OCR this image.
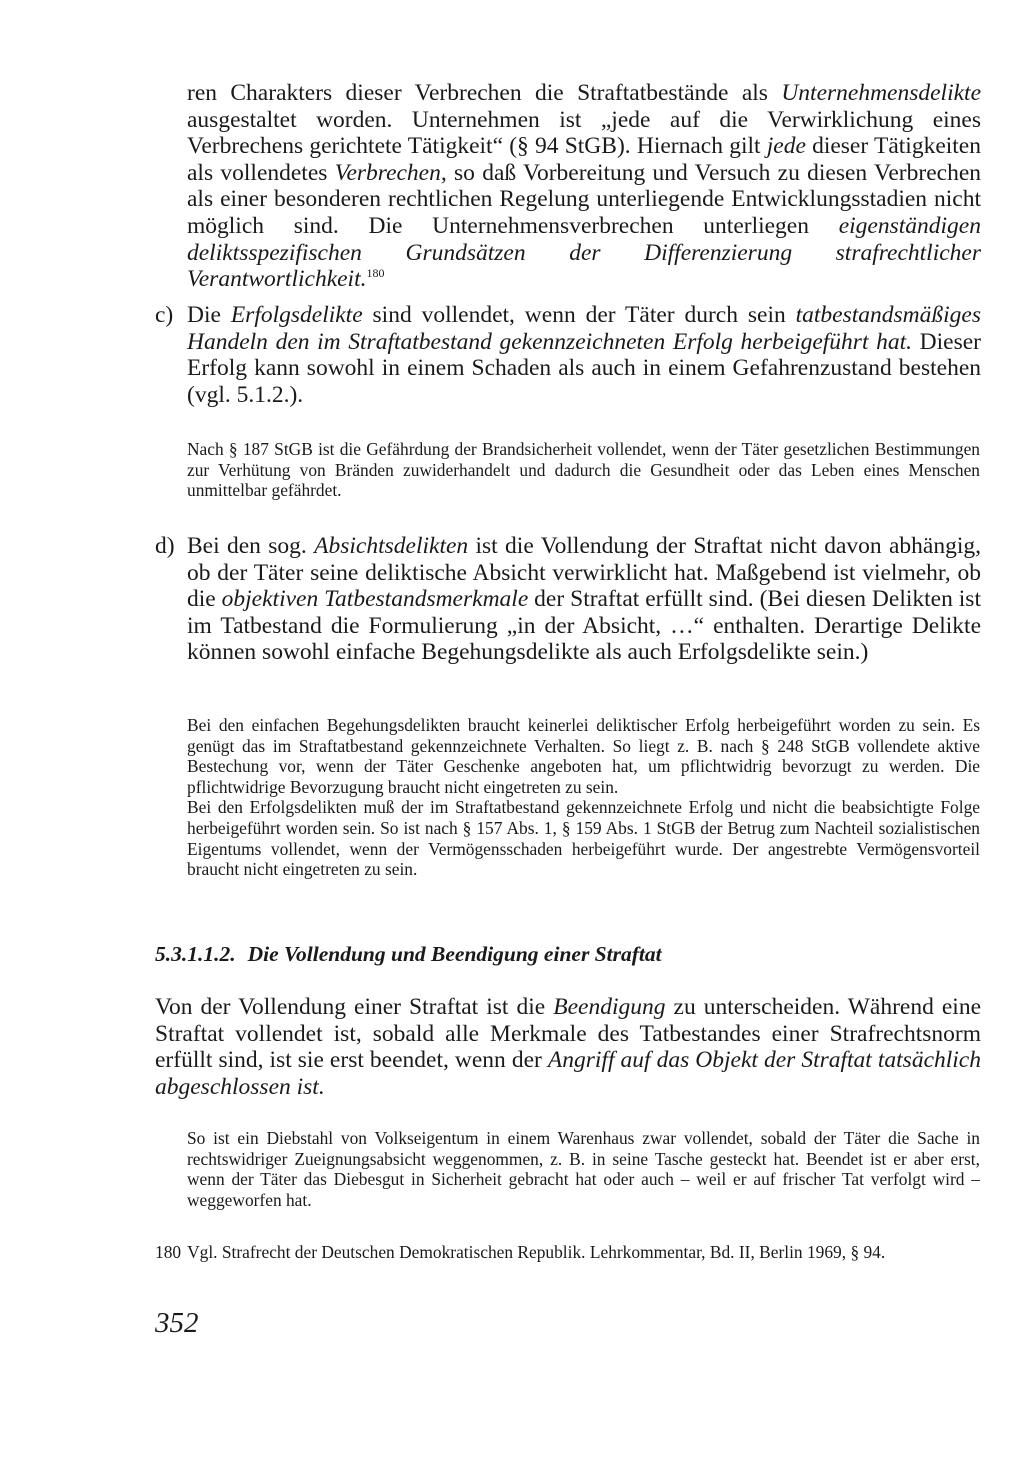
ren Charakters dieser Verbrechen die Straftatbestände als Unternehmensdelikte ausgestaltet worden. Unternehmen ist „jede auf die Verwirklichung eines Verbrechens gerichtete Tätigkeit“ (§ 94 StGB). Hiernach gilt jede dieser Tätigkeiten als vollendetes Verbrechen, so daß Vorbereitung und Versuch zu diesen Verbrechen als einer besonderen rechtlichen Regelung unterliegende Entwicklungsstadien nicht möglich sind. Die Unternehmensverbrechen unterliegen eigenständigen deliktsspezifischen Grundsätzen der Differenzierung strafrechtlicher Verantwortlichkeit.$^{180}$

c) Die Erfolgsdelikte sind vollendet, wenn der Täter durch sein tatbestandsmäßiges Handeln den im Straftatbestand gekennzeichneten Erfolg herbeigeführt hat. Dieser Erfolg kann sowohl in einem Schaden als auch in einem Gefahrenzustand bestehen (vgl. 5.1.2.).

Nach § 187 StGB ist die Gefährdung der Brandsicherheit vollendet, wenn der Täter gesetzlichen Bestimmungen zur Verhütung von Bränden zuwiderhandelt und dadurch die Gesundheit oder das Leben eines Menschen unmittelbar gefährdet.

d) Bei den sog. Absichtsdelikten ist die Vollendung der Straftat nicht davon abhängig, ob der Täter seine deliktische Absicht verwirklicht hat. Maßgebend ist vielmehr, ob die objektiven Tatbestandsmerkmale der Straftat erfüllt sind. (Bei diesen Delikten ist im Tatbestand die Formulierung „in der Absicht, …“ enthalten. Derartige Delikte können sowohl einfache Begehungsdelikte als auch Erfolgsdelikte sein.)

Bei den einfachen Begehungsdelikten braucht keinerlei deliktischer Erfolg herbeigeführt worden zu sein. Es genügt das im Straftatbestand gekennzeichnete Verhalten. So liegt z. B. nach § 248 StGB vollendete aktive Bestechung vor, wenn der Täter Geschenke angeboten hat, um pflichtwidrig bevorzugt zu werden. Die pflichtwidrige Bevorzugung braucht nicht eingetreten zu sein.

Bei den Erfolgsdelikten muß der im Straftatbestand gekennzeichnete Erfolg und nicht die beabsichtigte Folge herbeigeführt worden sein. So ist nach § 157 Abs. 1, § 159 Abs. 1 StGB der Betrug zum Nachteil sozialistischen Eigentums vollendet, wenn der Vermögensschaden herbeigeführt wurde. Der angestrebte Vermögensvorteil braucht nicht eingetreten zu sein.

5.3.1.1.2. Die Vollendung und Beendigung einer Straftat

Von der Vollendung einer Straftat ist die Beendigung zu unterscheiden. Während eine Straftat vollendet ist, sobald alle Merkmale des Tatbestandes einer Strafrechtsnorm erfüllt sind, ist sie erst beendet, wenn der Angriff auf das Objekt der Straftat tatsächlich abgeschlossen ist.

So ist ein Diebstahl von Volkseigentum in einem Warenhaus zwar vollendet, sobald der Täter die Sache in rechtswidriger Zueignungsabsicht weggenommen, z. B. in seine Tasche gesteckt hat. Beendet ist er aber erst, wenn der Täter das Diebesgut in Sicherheit gebracht hat oder auch – weil er auf frischer Tat verfolgt wird – weggeworfen hat.

180 Vgl. Strafrecht der Deutschen Demokratischen Republik. Lehrkommentar, Bd. II, Berlin 1969, § 94.

352
